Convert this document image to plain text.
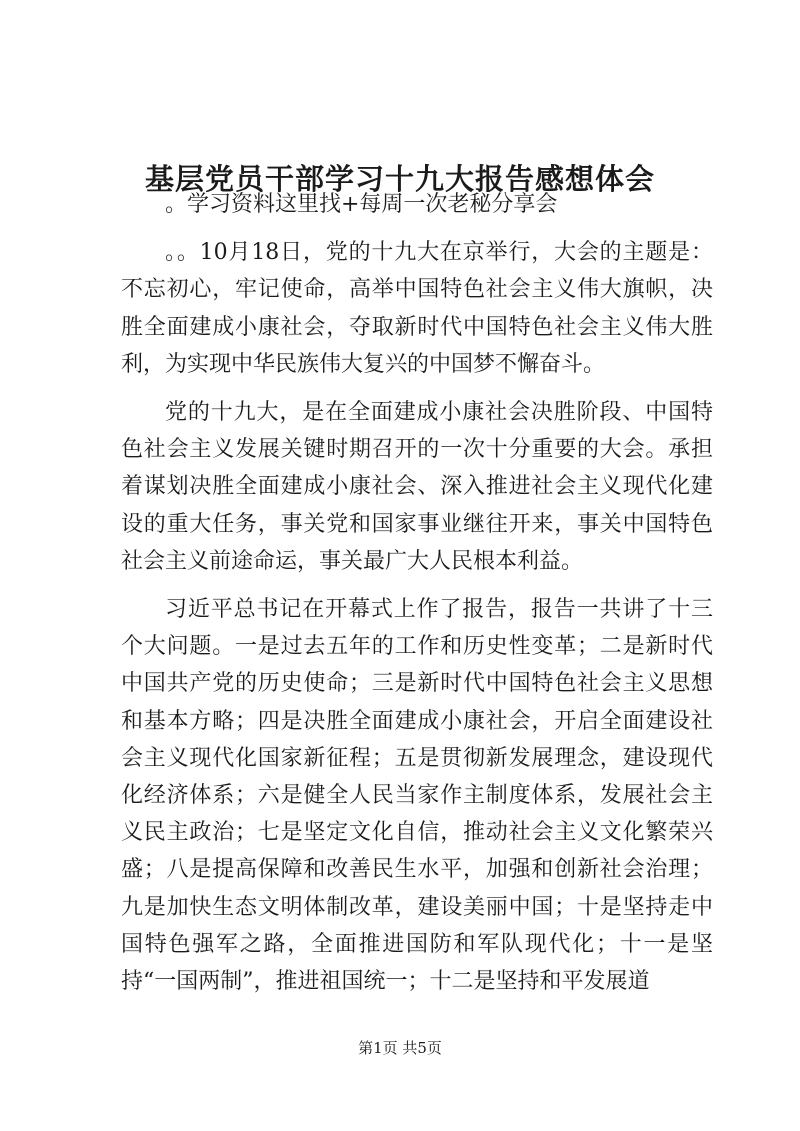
基层党员干部学习十九大报告感想体会

。学习资料这里找+每周一次老秘分享会

。。10月18日，党的十九大在京举行，大会的主题是：不忘初心，牢记使命，高举中国特色社会主义伟大旗帜，决胜全面建成小康社会，夺取新时代中国特色社会主义伟大胜利，为实现中华民族伟大复兴的中国梦不懈奋斗。

党的十九大，是在全面建成小康社会决胜阶段、中国特色社会主义发展关键时期召开的一次十分重要的大会。承担着谋划决胜全面建成小康社会、深入推进社会主义现代化建设的重大任务，事关党和国家事业继往开来，事关中国特色社会主义前途命运，事关最广大人民根本利益。

习近平总书记在开幕式上作了报告，报告一共讲了十三个大问题。一是过去五年的工作和历史性变革；二是新时代中国共产党的历史使命；三是新时代中国特色社会主义思想和基本方略；四是决胜全面建成小康社会，开启全面建设社会主义现代化国家新征程；五是贯彻新发展理念，建设现代化经济体系；六是健全人民当家作主制度体系，发展社会主义民主政治；七是坚定文化自信，推动社会主义文化繁荣兴盛；八是提高保障和改善民生水平，加强和创新社会治理；九是加快生态文明体制改革，建设美丽中国；十是坚持走中国特色强军之路，全面推进国防和军队现代化；十一是坚持“一国两制”，推进祖国统一；十二是坚持和平发展道

第1页 共5页
